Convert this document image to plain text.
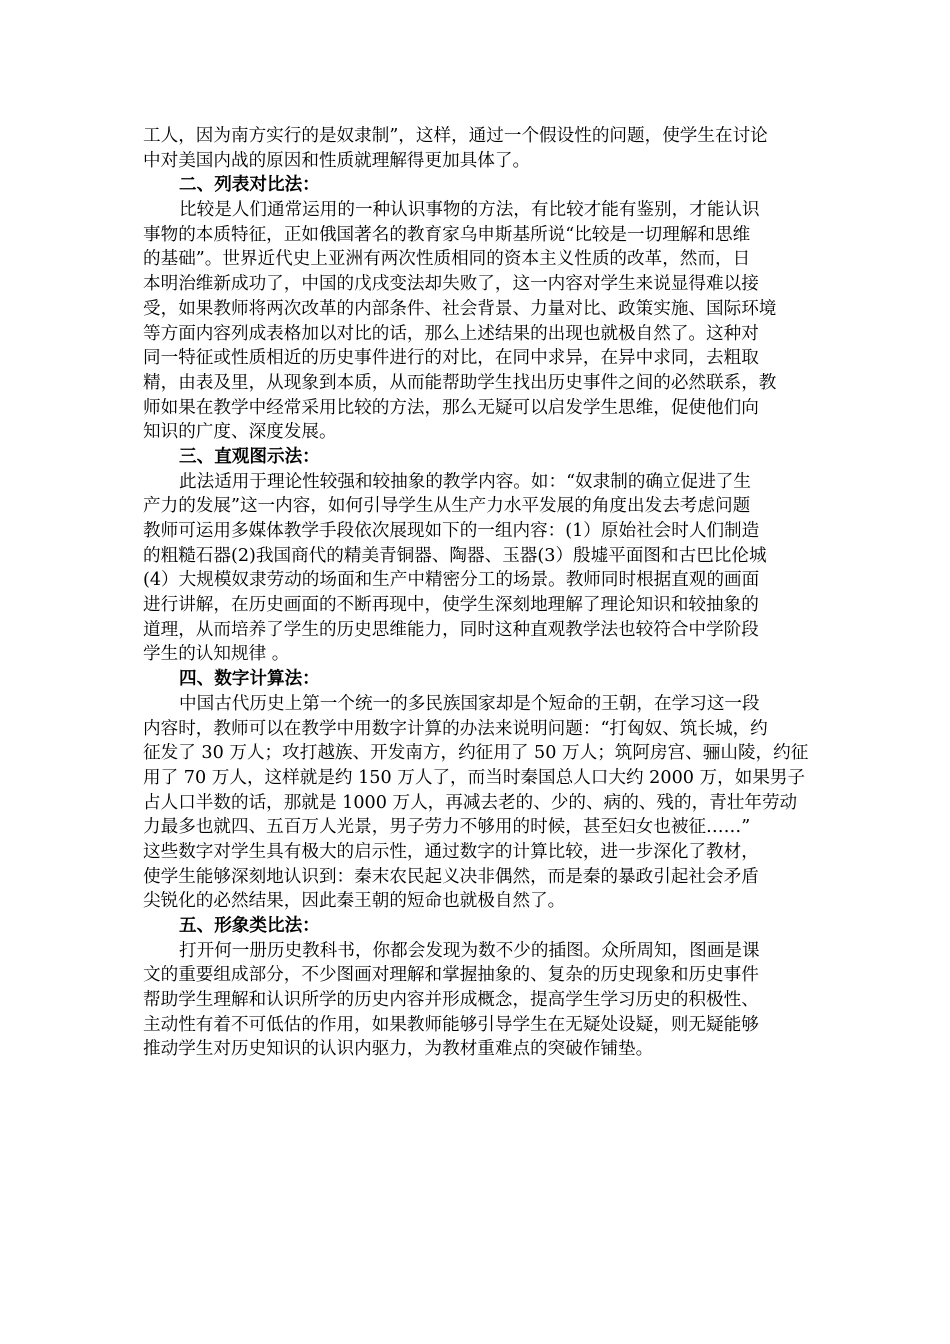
工人，因为南方实行的是奴隶制”，这样，通过一个假设性的问题，使学生在讨论
中对美国内战的原因和性质就理解得更加具体了。
二、列表对比法：
比较是人们通常运用的一种认识事物的方法，有比较才能有鉴别，才能认识
事物的本质特征，正如俄国著名的教育家乌申斯基所说“比较是一切理解和思维
的基础”。世界近代史上亚洲有两次性质相同的资本主义性质的改革，然而，日
本明治维新成功了，中国的戊戌变法却失败了，这一内容对学生来说显得难以接
受，如果教师将两次改革的内部条件、社会背景、力量对比、政策实施、国际环境
等方面内容列成表格加以对比的话，那么上述结果的出现也就极自然了。这种对
同一特征或性质相近的历史事件进行的对比，在同中求异，在异中求同，去粗取
精，由表及里，从现象到本质，从而能帮助学生找出历史事件之间的必然联系，教
师如果在教学中经常采用比较的方法，那么无疑可以启发学生思维，促使他们向
知识的广度、深度发展。
三、直观图示法：
此法适用于理论性较强和较抽象的教学内容。如：“奴隶制的确立促进了生
产力的发展”这一内容，如何引导学生从生产力水平发展的角度出发去考虑问题
教师可运用多媒体教学手段依次展现如下的一组内容：(1）原始社会时人们制造
的粗糙石器(2)我国商代的精美青铜器、陶器、玉器(3）殷墟平面图和古巴比伦城
(4）大规模奴隶劳动的场面和生产中精密分工的场景。教师同时根据直观的画面
进行讲解，在历史画面的不断再现中，使学生深刻地理解了理论知识和较抽象的
道理，从而培养了学生的历史思维能力，同时这种直观教学法也较符合中学阶段
学生的认知规律 。
四、数字计算法：
中国古代历史上第一个统一的多民族国家却是个短命的王朝，在学习这一段
内容时，教师可以在教学中用数字计算的办法来说明问题：“打匈奴、筑长城，约
征发了 30 万人；攻打越族、开发南方，约征用了 50 万人；筑阿房宫、骊山陵，约征
用了 70 万人，这样就是约 150 万人了，而当时秦国总人口大约 2000 万，如果男子
占人口半数的话，那就是 1000 万人，再减去老的、少的、病的、残的，青壮年劳动
力最多也就四、五百万人光景，男子劳力不够用的时候，甚至妇女也被征……”
这些数字对学生具有极大的启示性，通过数字的计算比较，进一步深化了教材，
使学生能够深刻地认识到：秦末农民起义决非偶然，而是秦的暴政引起社会矛盾
尖锐化的必然结果，因此秦王朝的短命也就极自然了。
五、形象类比法：
打开何一册历史教科书，你都会发现为数不少的插图。众所周知，图画是课
文的重要组成部分，不少图画对理解和掌握抽象的、复杂的历史现象和历史事件
帮助学生理解和认识所学的历史内容并形成概念，提高学生学习历史的积极性、
主动性有着不可低估的作用，如果教师能够引导学生在无疑处设疑，则无疑能够
推动学生对历史知识的认识内驱力，为教材重难点的突破作铺垫。
